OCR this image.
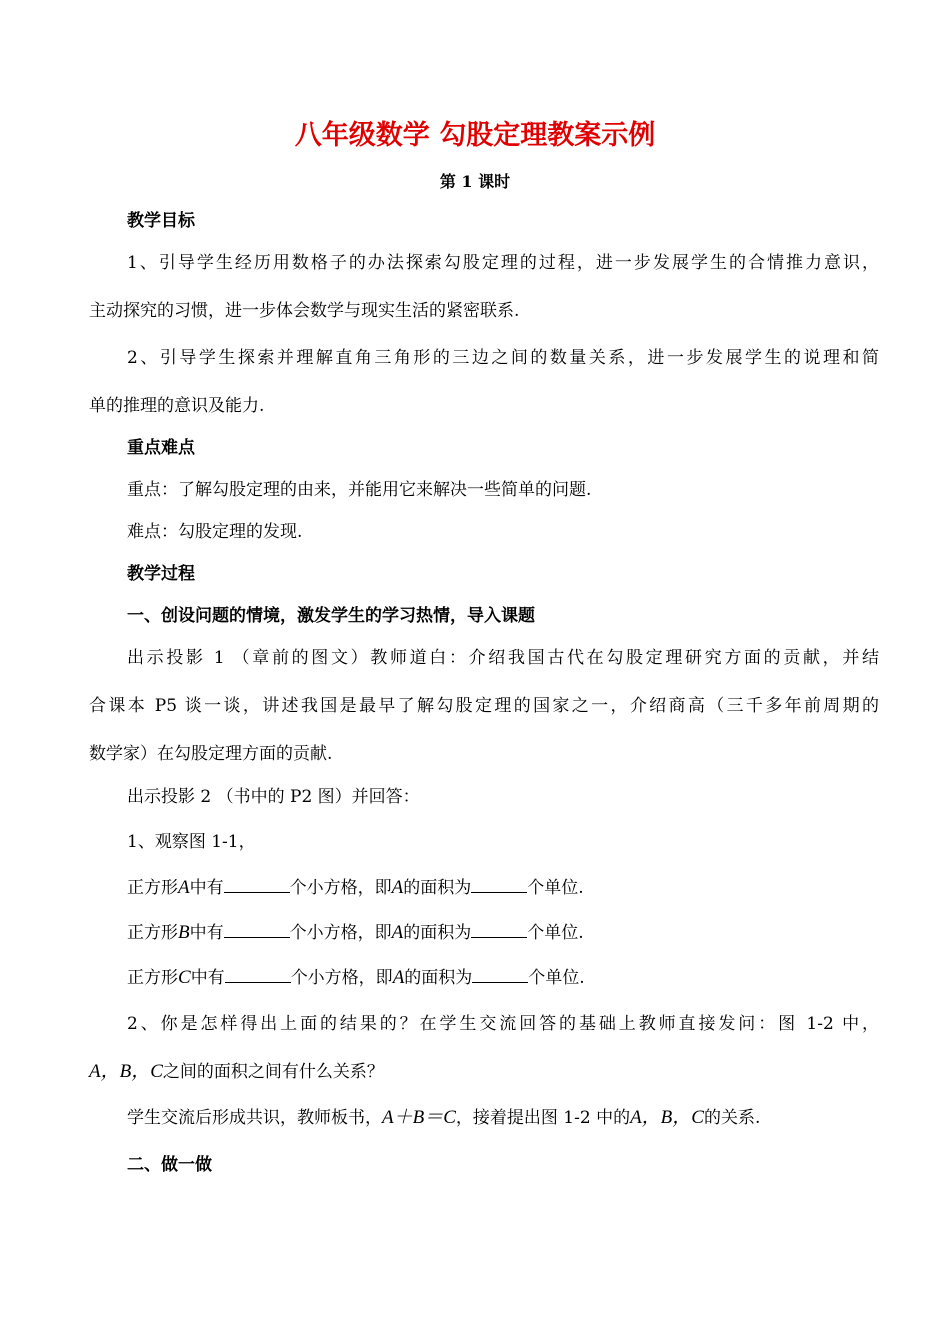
八年级数学 勾股定理教案示例
第 1 课时
教学目标
1、引导学生经历用数格子的办法探索勾股定理的过程，进一步发展学生的合情推力意识，
主动探究的习惯，进一步体会数学与现实生活的紧密联系.
2、引导学生探索并理解直角三角形的三边之间的数量关系，进一步发展学生的说理和简
单的推理的意识及能力.
重点难点
重点：了解勾股定理的由来，并能用它来解决一些简单的问题.
难点：勾股定理的发现.
教学过程
一、创设问题的情境，激发学生的学习热情，导入课题
出示投影 1 （章前的图文）教师道白：介绍我国古代在勾股定理研究方面的贡献，并结
合课本 P5 谈一谈，讲述我国是最早了解勾股定理的国家之一，介绍商高（三千多年前周期的
数学家）在勾股定理方面的贡献.
出示投影 2 （书中的 P2 图）并回答：
1、观察图 1-1，
正方形A中有	个小方格，即A的面积为	个单位.
正方形B中有	个小方格，即A的面积为	个单位.
正方形C中有	个小方格，即A的面积为	个单位.
2、你是怎样得出上面的结果的？在学生交流回答的基础上教师直接发问：图 1-2 中，
A，B，C之间的面积之间有什么关系？
学生交流后形成共识，教师板书，A＋B＝C，接着提出图 1-2 中的A，B，C的关系.
二、做一做
